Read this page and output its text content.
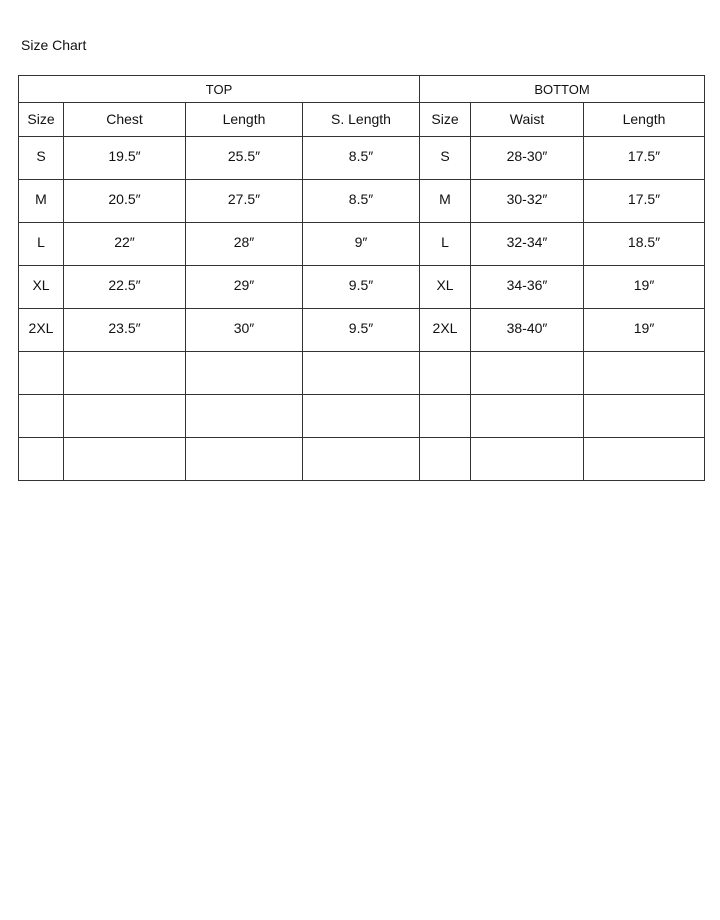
Size Chart
TOP				BOTTOM		
Size	Chest	Length	S. Length	Size	Waist	Length
S	19.5″	25.5″	8.5″	S	28-30″	17.5″
M	20.5″	27.5″	8.5″	M	30-32″	17.5″
L	22″	28″	9″	L	32-34″	18.5″
XL	22.5″	29″	9.5″	XL	34-36″	19″
2XL	23.5″	30″	9.5″	2XL	38-40″	19″
